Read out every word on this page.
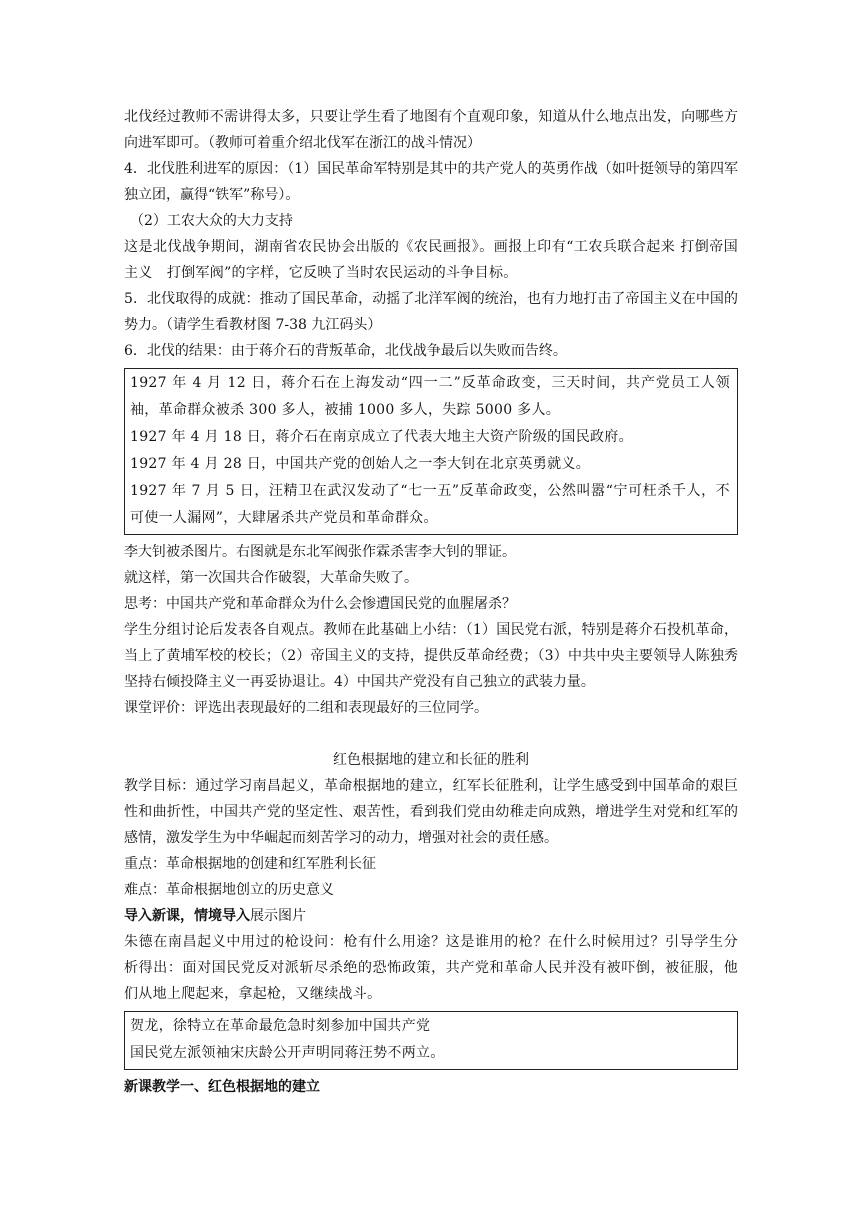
北伐经过教师不需讲得太多，只要让学生看了地图有个直观印象，知道从什么地点出发，向哪些方向进军即可。（教师可着重介绍北伐军在浙江的战斗情况）

4．北伐胜利进军的原因：（1）国民革命军特别是其中的共产党人的英勇作战（如叶挺领导的第四军独立团，赢得“铁军”称号）。

（2）工农大众的大力支持

这是北伐战争期间，湖南省农民协会出版的《农民画报》。画报上印有“工农兵联合起来 打倒帝国主义　打倒军阀”的字样，它反映了当时农民运动的斗争目标。

5．北伐取得的成就：推动了国民革命，动摇了北洋军阀的统治，也有力地打击了帝国主义在中国的势力。（请学生看教材图 7-38 九江码头）

6．北伐的结果：由于蒋介石的背叛革命，北伐战争最后以失败而告终。

1927 年 4 月 12 日，蒋介石在上海发动“四一二”反革命政变，三天时间，共产党员工人领袖，革命群众被杀 300 多人，被捕 1000 多人，失踪 5000 多人。

1927 年 4 月 18 日，蒋介石在南京成立了代表大地主大资产阶级的国民政府。

1927 年 4 月 28 日，中国共产党的创始人之一李大钊在北京英勇就义。

1927 年 7 月 5 日，汪精卫在武汉发动了“七一五”反革命政变，公然叫嚣“宁可枉杀千人，不可使一人漏网”，大肆屠杀共产党员和革命群众。

李大钊被杀图片。右图就是东北军阀张作霖杀害李大钊的罪证。

就这样，第一次国共合作破裂，大革命失败了。

思考：中国共产党和革命群众为什么会惨遭国民党的血腥屠杀？

学生分组讨论后发表各自观点。教师在此基础上小结：（1）国民党右派，特别是蒋介石投机革命，当上了黄埔军校的校长；（2）帝国主义的支持，提供反革命经费；（3）中共中央主要领导人陈独秀坚持右倾投降主义一再妥协退让。4）中国共产党没有自己独立的武装力量。

课堂评价：评选出表现最好的二组和表现最好的三位同学。

红色根据地的建立和长征的胜利

教学目标：通过学习南昌起义，革命根据地的建立，红军长征胜利，让学生感受到中国革命的艰巨性和曲折性，中国共产党的坚定性、艰苦性，看到我们党由幼稚走向成熟，增进学生对党和红军的感情，激发学生为中华崛起而刻苦学习的动力，增强对社会的责任感。

重点：革命根据地的创建和红军胜利长征

难点：革命根据地创立的历史意义

导入新课，情境导入展示图片

朱德在南昌起义中用过的枪设问：枪有什么用途？这是谁用的枪？在什么时候用过？引导学生分析得出：面对国民党反对派斩尽杀绝的恐怖政策，共产党和革命人民并没有被吓倒，被征服，他们从地上爬起来，拿起枪，又继续战斗。

贺龙，徐特立在革命最危急时刻参加中国共产党

国民党左派领袖宋庆龄公开声明同蒋汪势不两立。

新课教学一、红色根据地的建立
